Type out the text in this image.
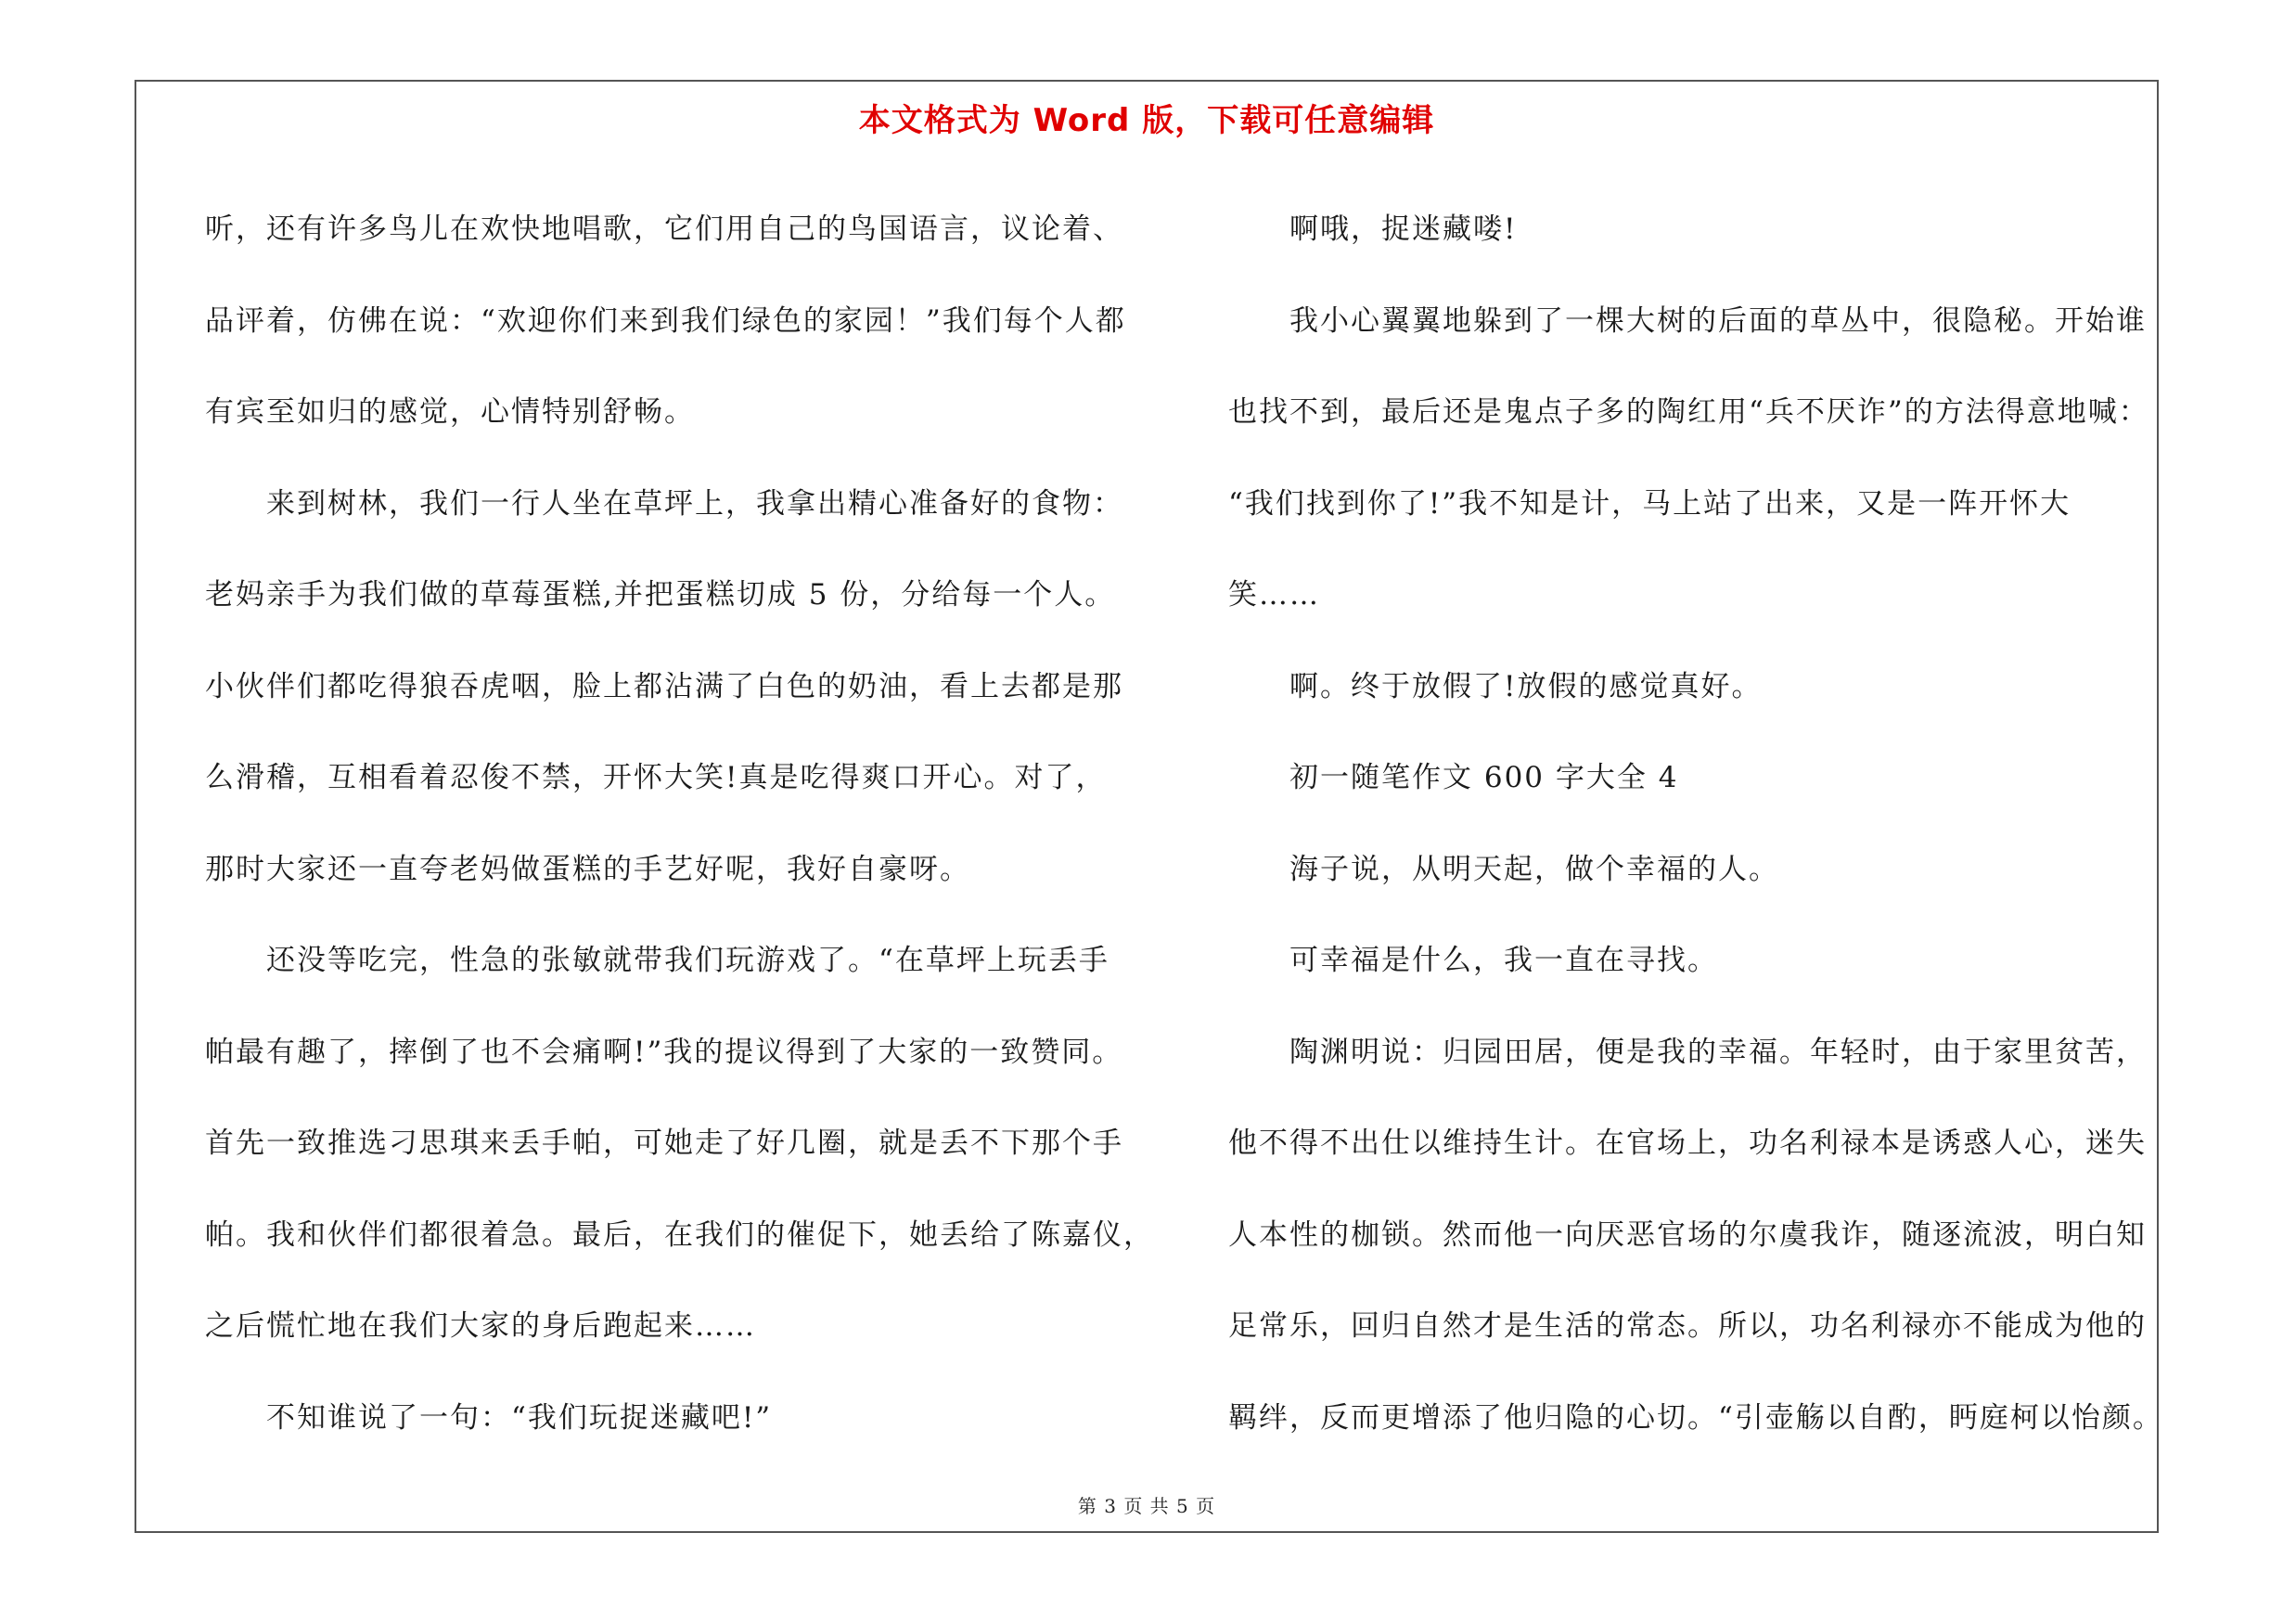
本文格式为 Word 版，下载可任意编辑
听，还有许多鸟儿在欢快地唱歌，它们用自己的鸟国语言，议论着、
品评着，仿佛在说：“欢迎你们来到我们绿色的家园！”我们每个人都
有宾至如归的感觉，心情特别舒畅。
来到树林，我们一行人坐在草坪上，我拿出精心准备好的食物：
老妈亲手为我们做的草莓蛋糕,并把蛋糕切成 5 份，分给每一个人。
小伙伴们都吃得狼吞虎咽，脸上都沾满了白色的奶油，看上去都是那
么滑稽，互相看着忍俊不禁，开怀大笑!真是吃得爽口开心。对了，
那时大家还一直夸老妈做蛋糕的手艺好呢，我好自豪呀。
还没等吃完，性急的张敏就带我们玩游戏了。“在草坪上玩丢手
帕最有趣了，摔倒了也不会痛啊!”我的提议得到了大家的一致赞同。
首先一致推选刁思琪来丢手帕，可她走了好几圈，就是丢不下那个手
帕。我和伙伴们都很着急。最后，在我们的催促下，她丢给了陈嘉仪，
之后慌忙地在我们大家的身后跑起来……
不知谁说了一句：“我们玩捉迷藏吧!”
啊哦，捉迷藏喽!
我小心翼翼地躲到了一棵大树的后面的草丛中，很隐秘。开始谁
也找不到，最后还是鬼点子多的陶红用“兵不厌诈”的方法得意地喊：
“我们找到你了!”我不知是计，马上站了出来，又是一阵开怀大
笑……
啊。终于放假了!放假的感觉真好。
初一随笔作文 600 字大全 4
海子说，从明天起，做个幸福的人。
可幸福是什么，我一直在寻找。
陶渊明说：归园田居，便是我的幸福。年轻时，由于家里贫苦，
他不得不出仕以维持生计。在官场上，功名利禄本是诱惑人心，迷失
人本性的枷锁。然而他一向厌恶官场的尔虞我诈，随逐流波，明白知
足常乐，回归自然才是生活的常态。所以，功名利禄亦不能成为他的
羁绊，反而更增添了他归隐的心切。“引壶觞以自酌，眄庭柯以怡颜。
第 3 页 共 5 页
